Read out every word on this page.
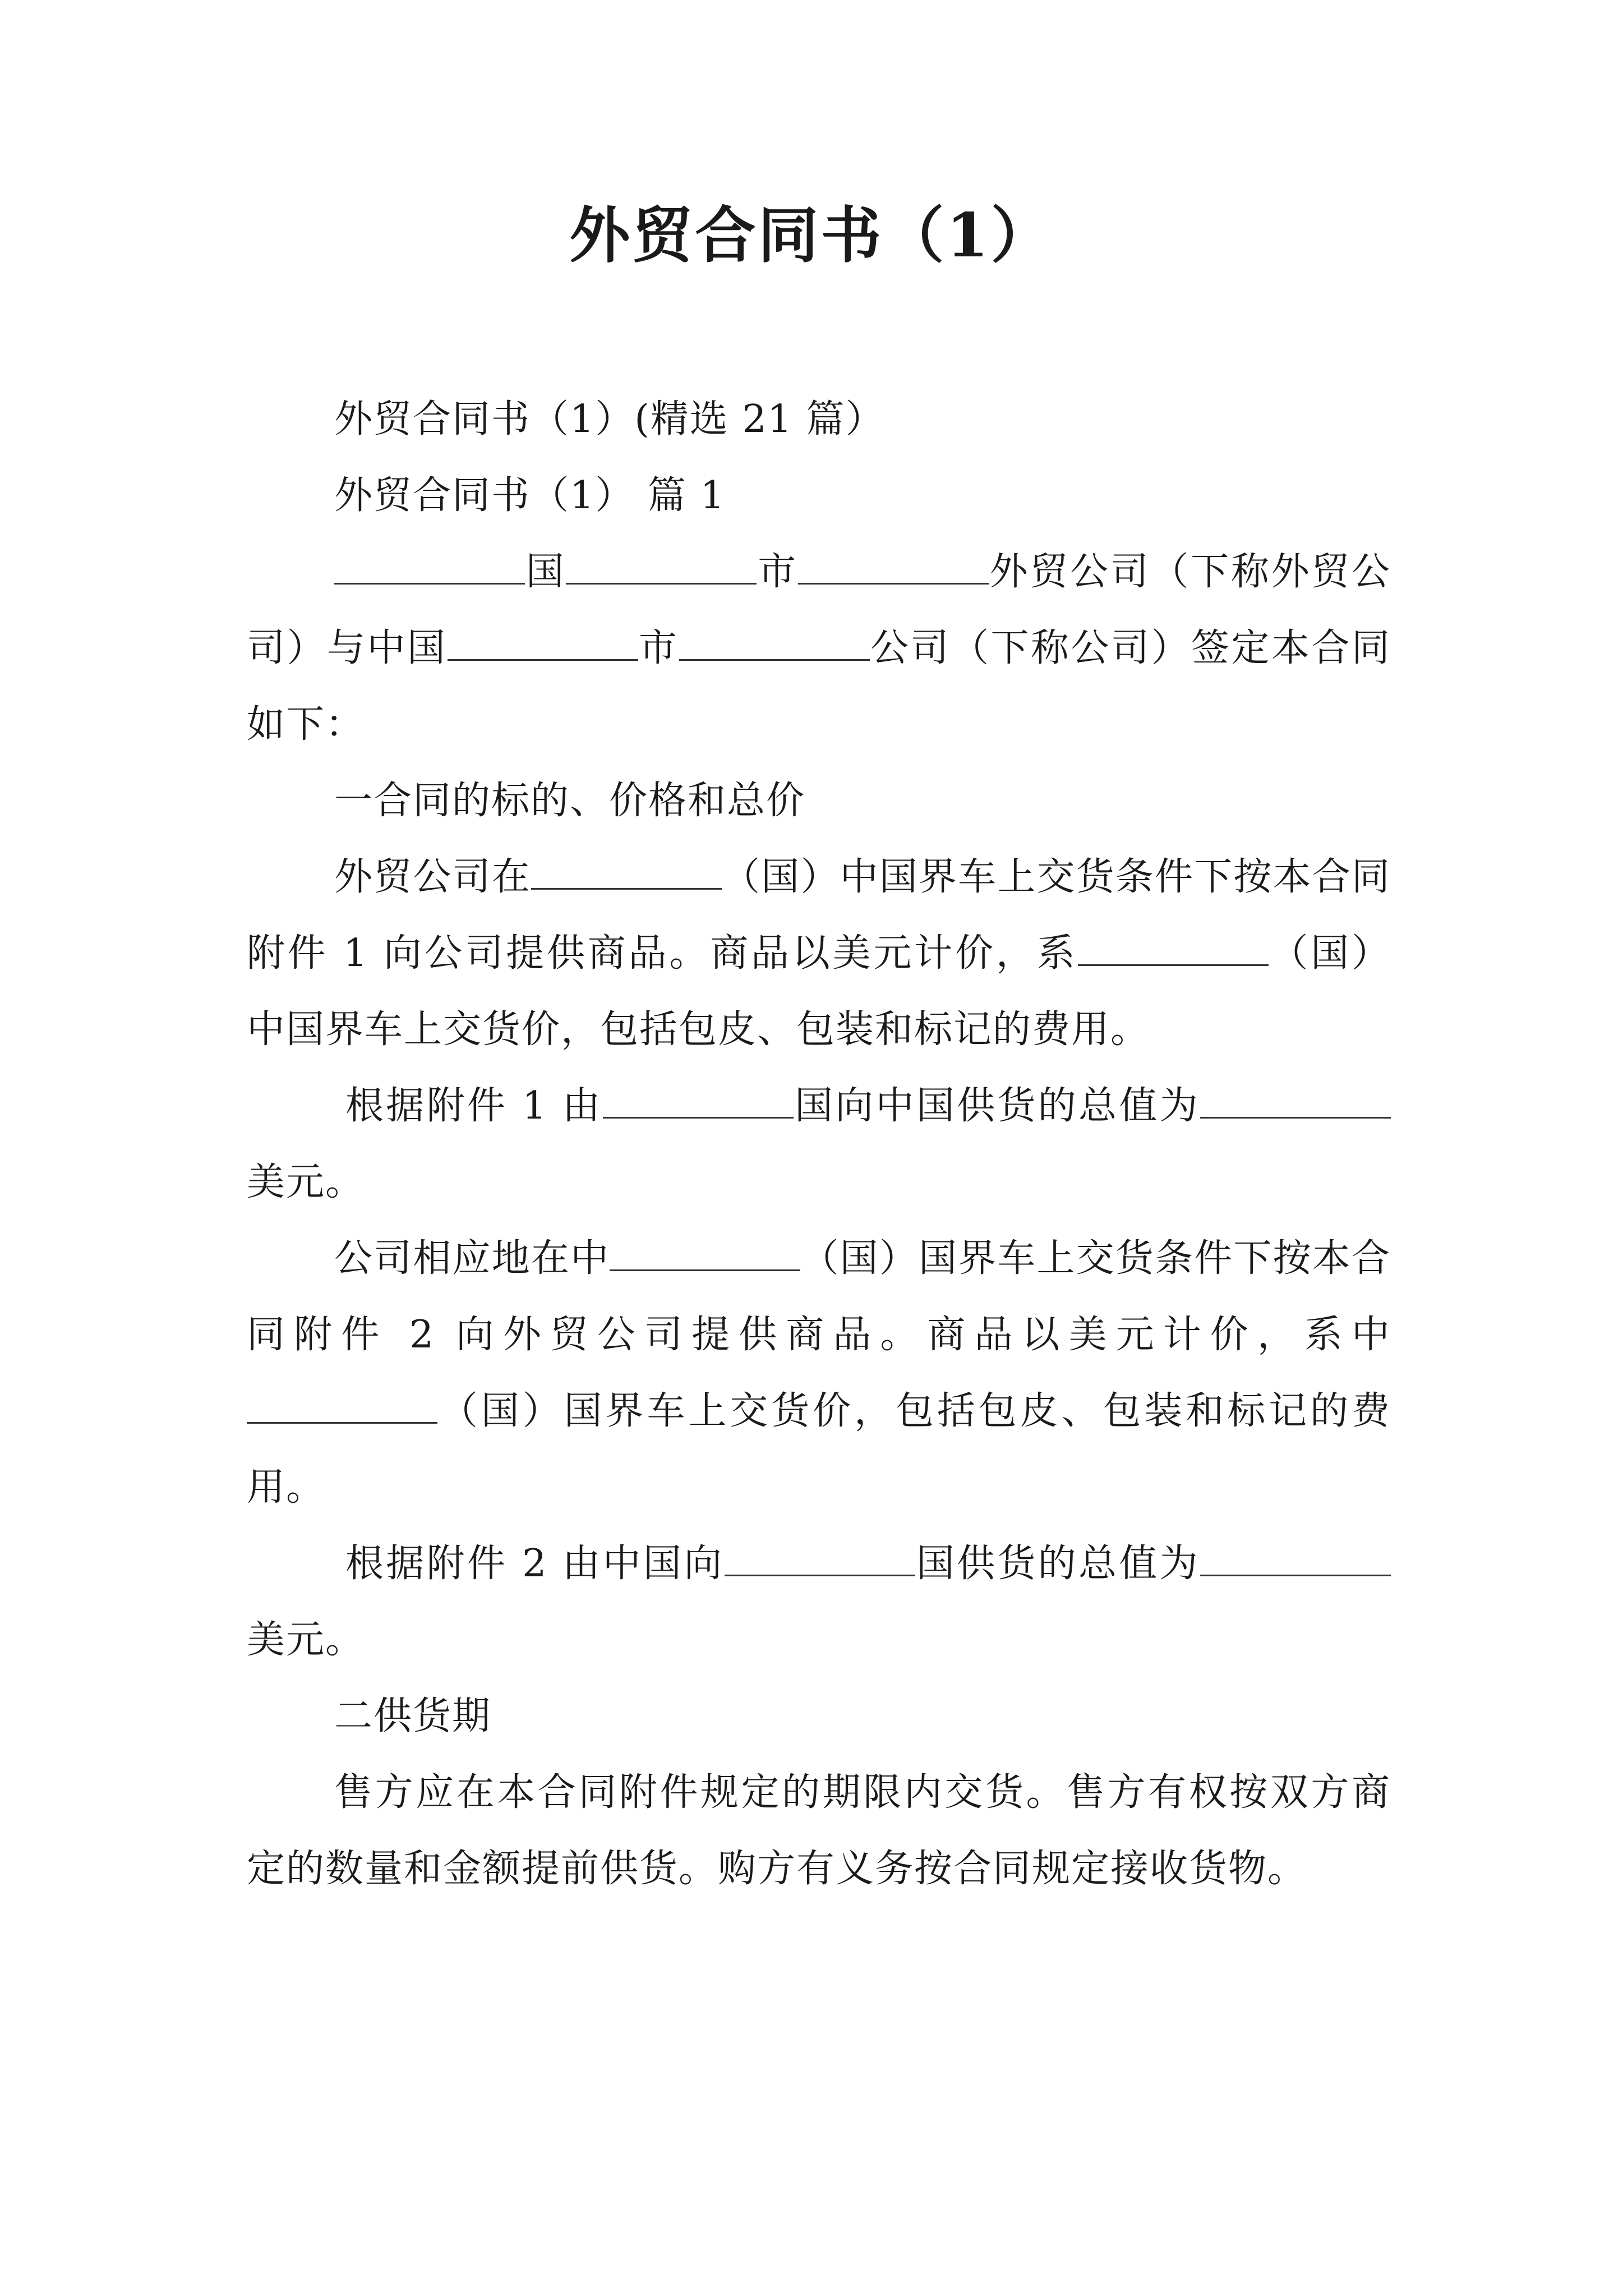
外贸合同书（1）

外贸合同书（1）(精选 21 篇）

外贸合同书（1） 篇 1

国	市	外贸公司（下称外贸公司）与中国	市	公司（下称公司）签定本合同如下：

一合同的标的、价格和总价

外贸公司在	（国）中国界车上交货条件下按本合同附件 1 向公司提供商品。商品以美元计价，系	（国）中国界车上交货价，包括包皮、包装和标记的费用。

根据附件 1 由	国向中国供货的总值为美元。

公司相应地在中	（国）国界车上交货条件下按本合同附件 2 向外贸公司提供商品。商品以美元计价，系中（国）国界车上交货价，包括包皮、包装和标记的费用。

根据附件 2 由中国向	国供货的总值为美元。

二供货期

售方应在本合同附件规定的期限内交货。售方有权按双方商定的数量和金额提前供货。购方有义务按合同规定接收货物。
